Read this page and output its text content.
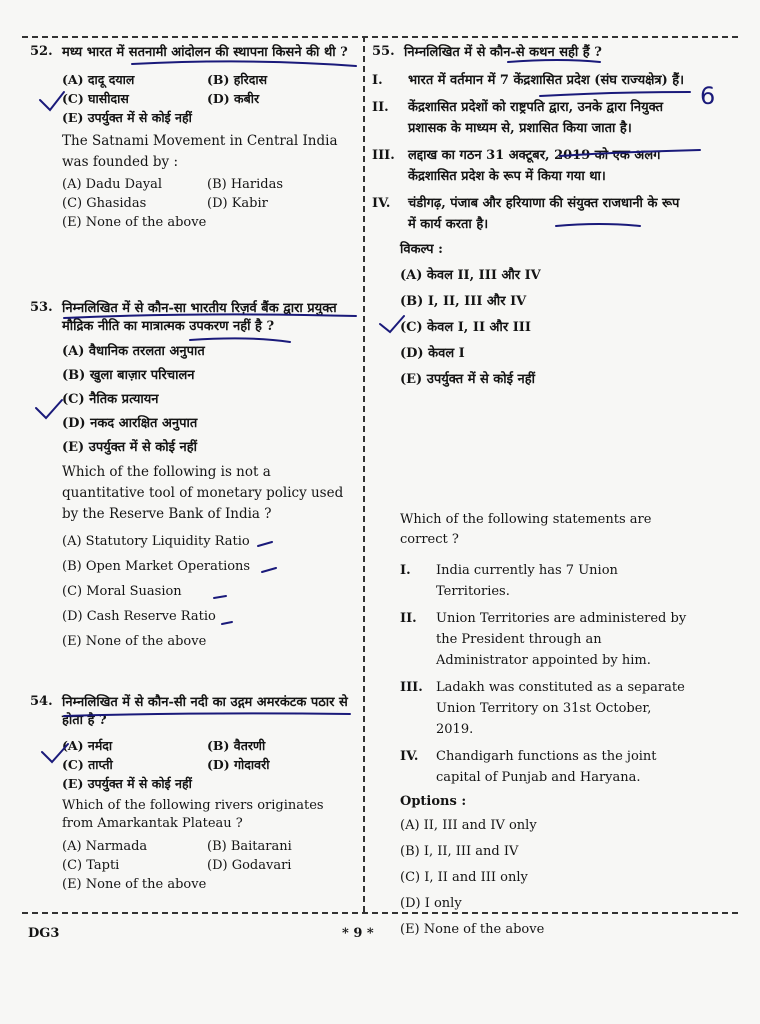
52. मध्य भारत में सतनामी आंदोलन की स्थापना किसने की थी ?
(A) दादू दयाल	(B) हरिदास
(C) घासीदास	(D) कबीर
(E) उपर्युक्त में से कोई नहीं
The Satnami Movement in Central India was founded by :
(A) Dadu Dayal	(B) Haridas
(C) Ghasidas	(D) Kabir
(E) None of the above
53. निम्नलिखित में से कौन-सा भारतीय रिज़र्व बैंक द्वारा प्रयुक्त मौद्रिक नीति का मात्रात्मक उपकरण नहीं है ?
(A) वैधानिक तरलता अनुपात
(B) खुला बाज़ार परिचालन
(C) नैतिक प्रत्यायन
(D) नकद आरक्षित अनुपात
(E) उपर्युक्त में से कोई नहीं
Which of the following is not a quantitative tool of monetary policy used by the Reserve Bank of India ?
(A) Statutory Liquidity Ratio
(B) Open Market Operations
(C) Moral Suasion
(D) Cash Reserve Ratio
(E) None of the above
54. निम्नलिखित में से कौन-सी नदी का उद्गम अमरकंटक पठार से होता है ?
(A) नर्मदा	(B) वैतरणी
(C) ताप्ती	(D) गोदावरी
(E) उपर्युक्त में से कोई नहीं
Which of the following rivers originates from Amarkantak Plateau ?
(A) Narmada	(B) Baitarani
(C) Tapti	(D) Godavari
(E) None of the above
55. निम्नलिखित में से कौन-से कथन सही हैं ?
I.	भारत में वर्तमान में 7 केंद्रशासित प्रदेश (संघ राज्यक्षेत्र) हैं।
II.	केंद्रशासित प्रदेशों को राष्ट्रपति द्वारा, उनके द्वारा नियुक्त प्रशासक के माध्यम से, प्रशासित किया जाता है।
III.	लद्दाख का गठन 31 अक्टूबर, 2019 को एक अलग केंद्रशासित प्रदेश के रूप में किया गया था।
IV.	चंडीगढ़, पंजाब और हरियाणा की संयुक्त राजधानी के रूप में कार्य करता है।
विकल्प :
(A) केवल II, III और IV
(B) I, II, III और IV
(C) केवल I, II और III
(D) केवल I
(E) उपर्युक्त में से कोई नहीं
Which of the following statements are correct ?
I.	India currently has 7 Union Territories.
II.	Union Territories are administered by the President through an Administrator appointed by him.
III.	Ladakh was constituted as a separate Union Territory on 31st October, 2019.
IV.	Chandigarh functions as the joint capital of Punjab and Haryana.
Options :
(A) II, III and IV only
(B) I, II, III and IV
(C) I, II and III only
(D) I only
(E) None of the above
6
DG3	* 9 *
